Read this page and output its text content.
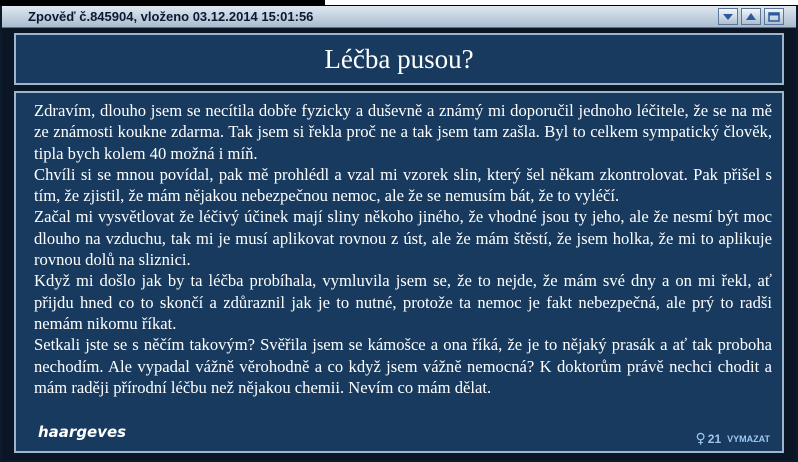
Zpověď č.845904, vloženo 03.12.2014 15:01:56
Léčba pusou?

Zdravím, dlouho jsem se necítila dobře fyzicky a duševně a známý mi doporučil jednoho léčitele, že se na mě ze známosti koukne zdarma. Tak jsem si řekla proč ne a tak jsem tam zašla. Byl to celkem sympatický člověk, tipla bych kolem 40 možná i míň.

Chvíli si se mnou povídal, pak mě prohlédl a vzal mi vzorek slin, který šel někam zkontrolovat. Pak přišel s tím, že zjistil, že mám nějakou nebezpečnou nemoc, ale že se nemusím bát, že to vyléčí.

Začal mi vysvětlovat že léčivý účinek mají sliny někoho jiného, že vhodné jsou ty jeho, ale že nesmí být moc dlouho na vzduchu, tak mi je musí aplikovat rovnou z úst, ale že mám štěstí, že jsem holka, že mi to aplikuje rovnou dolů na sliznici.

Když mi došlo jak by ta léčba probíhala, vymluvila jsem se, že to nejde, že mám své dny a on mi řekl, ať přijdu hned co to skončí a zdůraznil jak je to nutné, protože ta nemoc je fakt nebezpečná, ale prý to radši nemám nikomu říkat.

Setkali jste se s něčím takovým? Svěřila jsem se kámošce a ona říká, že je to nějaký prasák a ať tak proboha nechodím. Ale vypadal vážně věrohodně a co když jsem vážně nemocná? K doktorům právě nechci chodit a mám raději přírodní léčbu než nějakou chemii. Nevím co mám dělat.

haargeves	♀ 21 VYMAZAT
